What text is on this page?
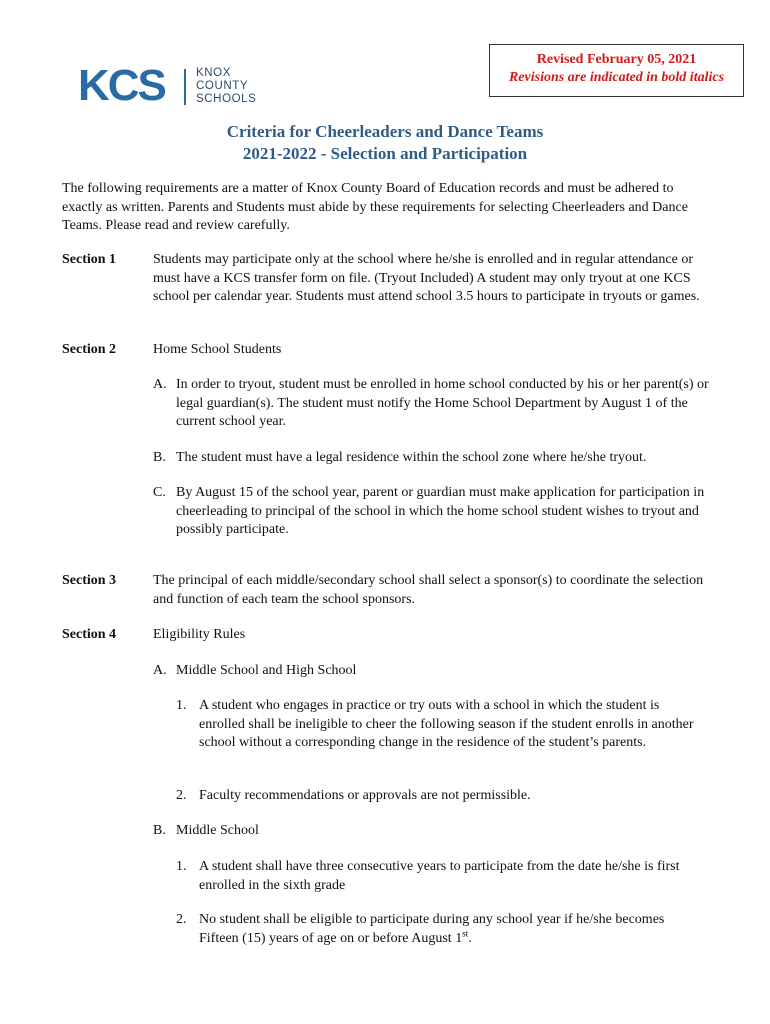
KCS	KNOX
COUNTY
SCHOOLS
Revised February 05, 2021
Revisions are indicated in bold italics
Criteria for Cheerleaders and Dance Teams
2021-2022 - Selection and Participation
The following requirements are a matter of Knox County Board of Education records and must be adhered to exactly as written. Parents and Students must abide by these requirements for selecting Cheerleaders and Dance Teams. Please read and review carefully.
Section 1	Students may participate only at the school where he/she is enrolled and in regular attendance or must have a KCS transfer form on file. (Tryout Included) A student may only tryout at one KCS school per calendar year. Students must attend school 3.5 hours to participate in tryouts or games.
Section 2	Home School Students
A. In order to tryout, student must be enrolled in home school conducted by his or her parent(s) or legal guardian(s). The student must notify the Home School Department by August 1 of the current school year.
B. The student must have a legal residence within the school zone where he/she tryout.
C. By August 15 of the school year, parent or guardian must make application for participation in cheerleading to principal of the school in which the home school student wishes to tryout and possibly participate.
Section 3	The principal of each middle/secondary school shall select a sponsor(s) to coordinate the selection and function of each team the school sponsors.
Section 4	Eligibility Rules
A. Middle School and High School
1. A student who engages in practice or try outs with a school in which the student is enrolled shall be ineligible to cheer the following season if the student enrolls in another school without a corresponding change in the residence of the student’s parents.
2. Faculty recommendations or approvals are not permissible.
B. Middle School
1. A student shall have three consecutive years to participate from the date he/she is first enrolled in the sixth grade
2. No student shall be eligible to participate during any school year if he/she becomes Fifteen (15) years of age on or before August 1st.
